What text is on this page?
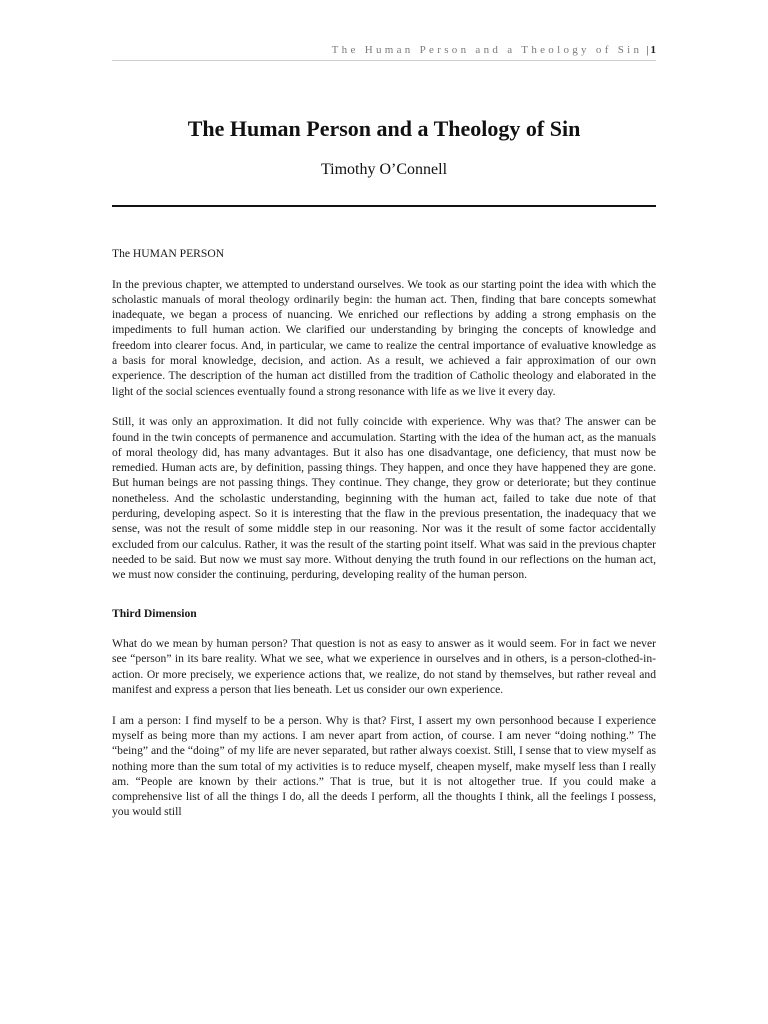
The Human Person and a Theology of Sin | 1
The Human Person and a Theology of Sin
Timothy O’Connell
The HUMAN PERSON

In the previous chapter, we attempted to understand ourselves. We took as our starting point the idea with which the scholastic manuals of moral theology ordinarily begin: the human act. Then, finding that bare concepts somewhat inadequate, we began a process of nuancing. We enriched our reflections by adding a strong emphasis on the impediments to full human action. We clarified our understanding by bringing the concepts of knowledge and freedom into clearer focus. And, in particular, we came to realize the central importance of evaluative knowledge as a basis for moral knowledge, decision, and action. As a result, we achieved a fair approximation of our own experience. The description of the human act distilled from the tradition of Catholic theology and elaborated in the light of the social sciences eventually found a strong resonance with life as we live it every day.

Still, it was only an approximation. It did not fully coincide with experience. Why was that? The answer can be found in the twin concepts of permanence and accumulation. Starting with the idea of the human act, as the manuals of moral theology did, has many advantages. But it also has one disadvantage, one deficiency, that must now be remedied. Human acts are, by definition, passing things. They happen, and once they have happened they are gone. But human beings are not passing things. They continue. They change, they grow or deteriorate; but they continue nonetheless. And the scholastic understanding, beginning with the human act, failed to take due note of that perduring, developing aspect. So it is interesting that the flaw in the previous presentation, the inadequacy that we sense, was not the result of some middle step in our reasoning. Nor was it the result of some factor accidentally excluded from our calculus. Rather, it was the result of the starting point itself. What was said in the previous chapter needed to be said. But now we must say more. Without denying the truth found in our reflections on the human act, we must now consider the continuing, perduring, developing reality of the human person.

Third Dimension

What do we mean by human person? That question is not as easy to answer as it would seem. For in fact we never see “person” in its bare reality. What we see, what we experience in ourselves and in others, is a person-clothed-in-action. Or more precisely, we experience actions that, we realize, do not stand by themselves, but rather reveal and manifest and express a person that lies beneath. Let us consider our own experience.

I am a person: I find myself to be a person. Why is that? First, I assert my own personhood because I experience myself as being more than my actions. I am never apart from action, of course. I am never “doing nothing.” The “being” and the “doing” of my life are never separated, but rather always coexist. Still, I sense that to view myself as nothing more than the sum total of my activities is to reduce myself, cheapen myself, make myself less than I really am. “People are known by their actions.” That is true, but it is not altogether true. If you could make a comprehensive list of all the things I do, all the deeds I perform, all the thoughts I think, all the feelings I possess, you would still
